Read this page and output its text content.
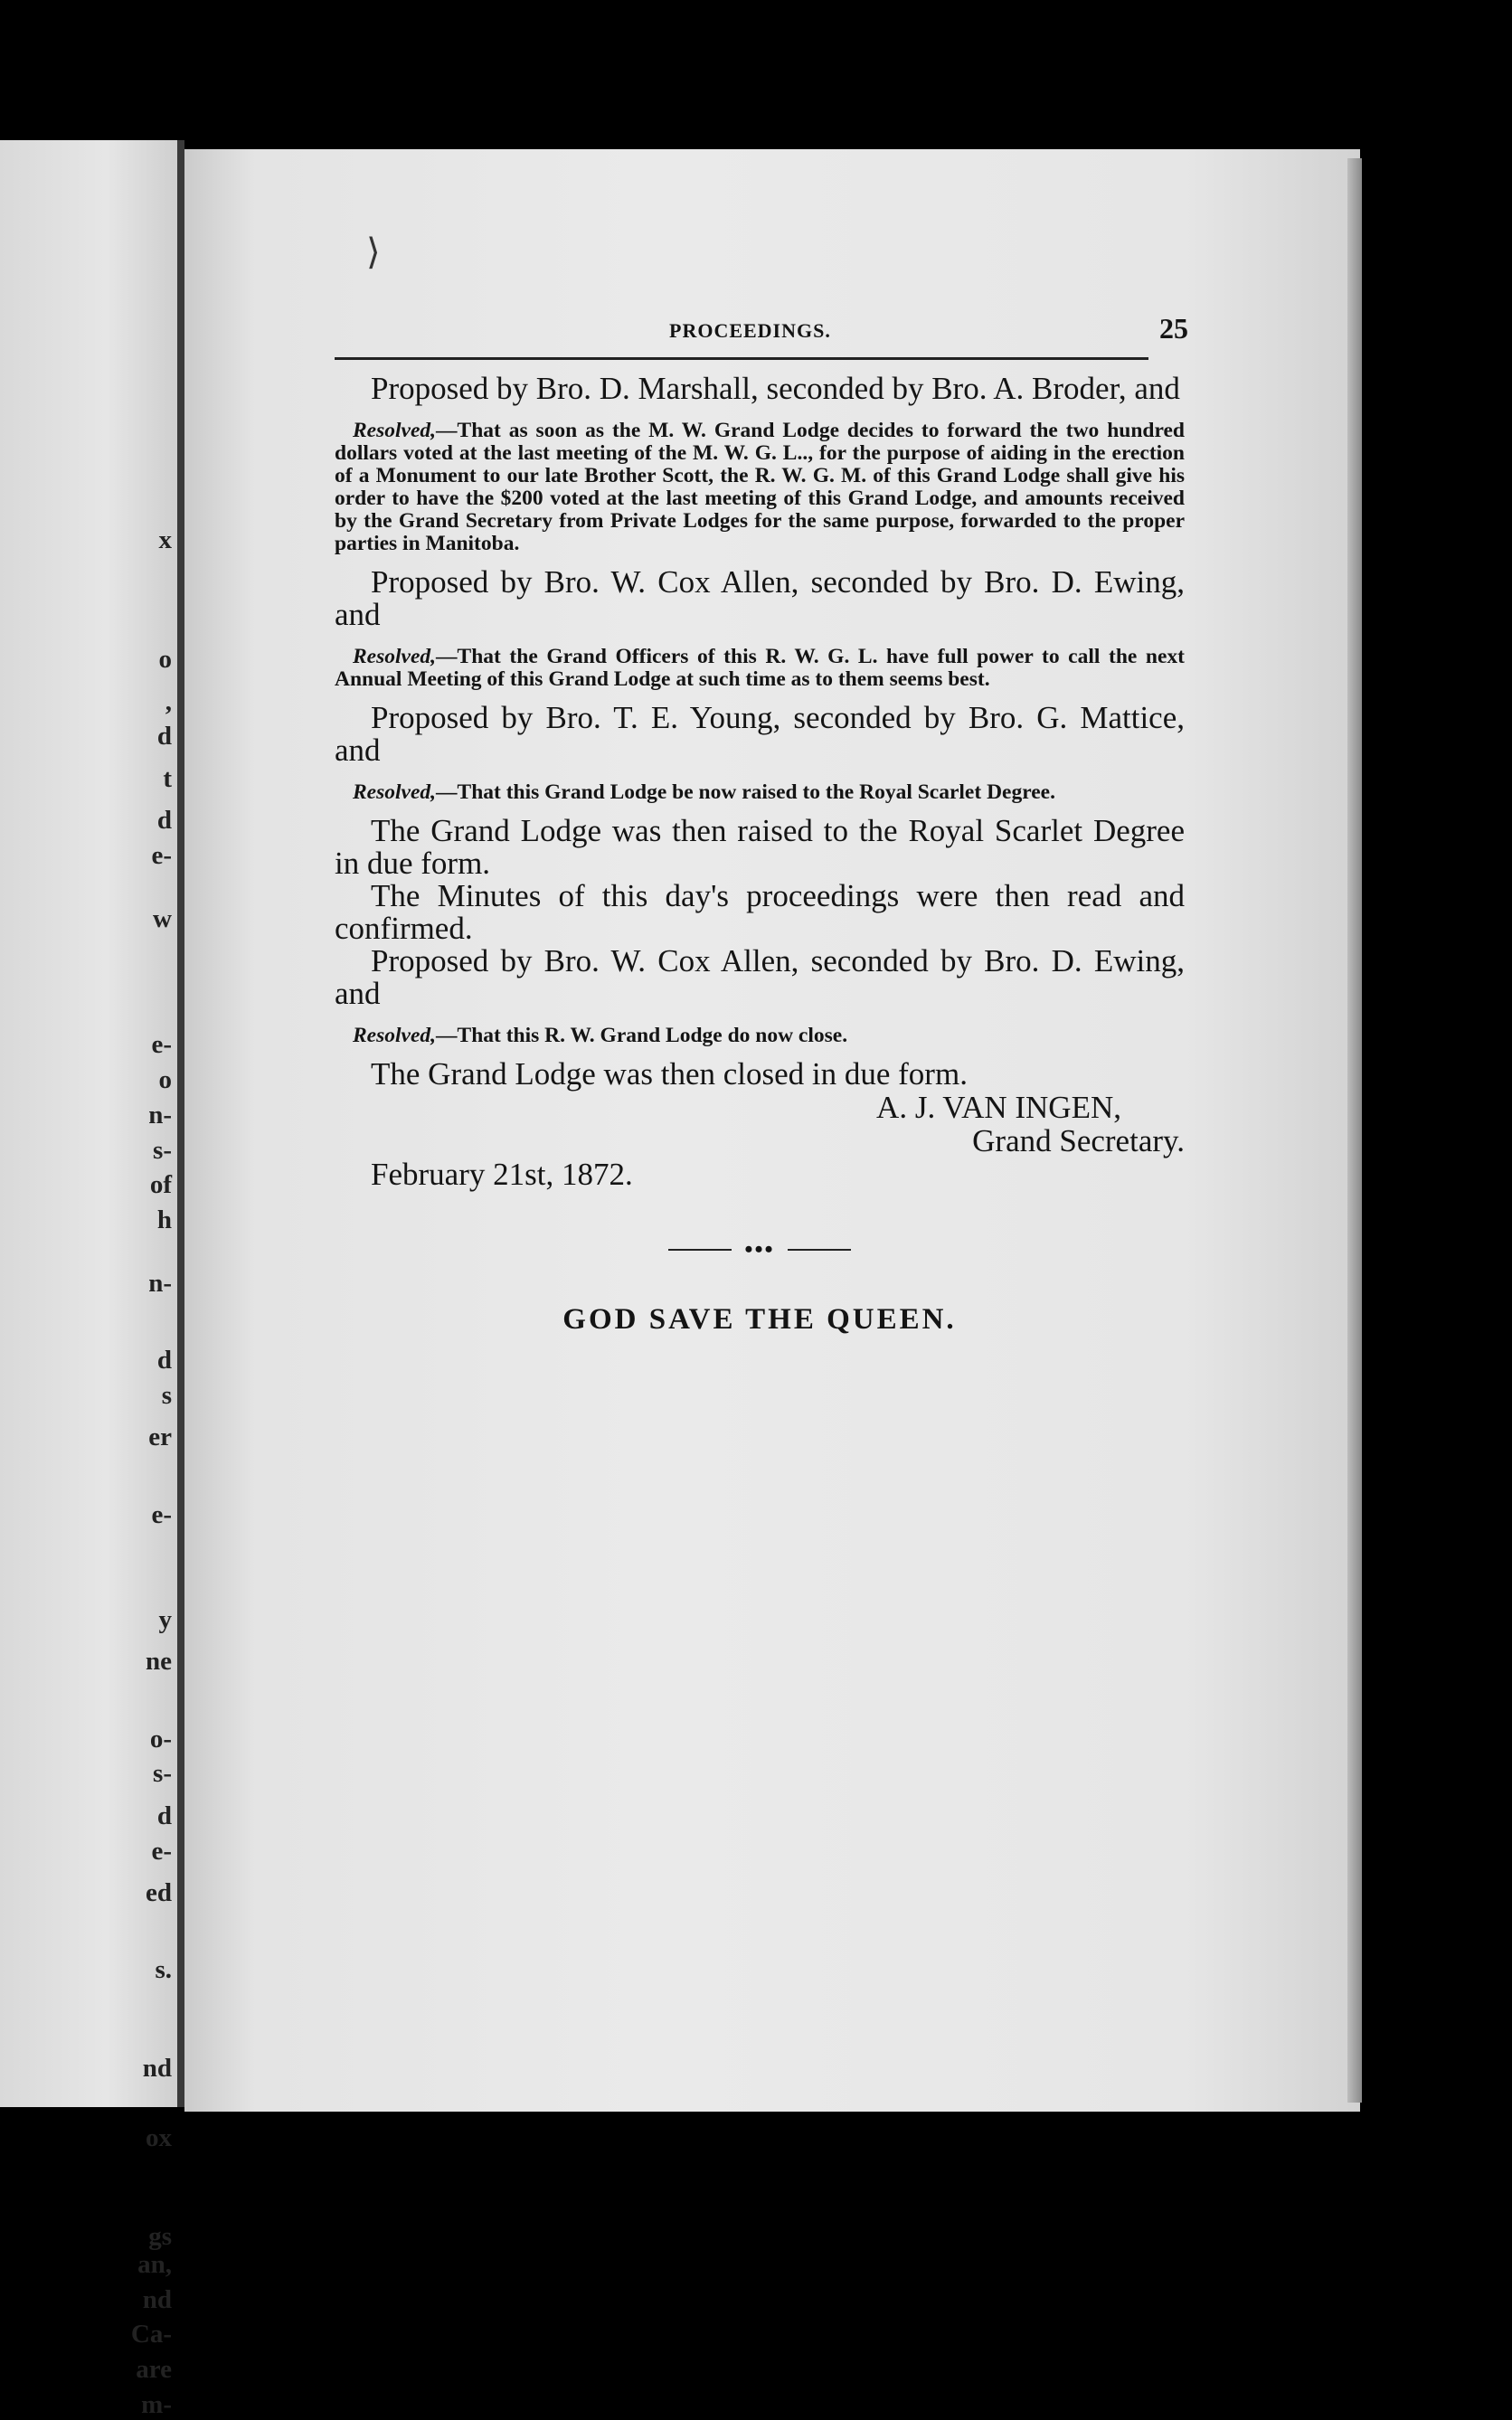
x
o
,
d
t
d
e-
w
e-
o
n-
s-
of
h
n-
d
s
er
e-
y
ne
o-
s-
d
e-
ed
s.
nd
ox
gs
an,
nd
Ca-
are
m-
⟩
PROCEEDINGS.	25

Proposed by Bro. D. Marshall, seconded by Bro. A. Broder, and

Resolved,—That as soon as the M. W. Grand Lodge decides to forward the two hundred dollars voted at the last meeting of the M. W. G. L.., for the purpose of aiding in the erection of a Monument to our late Brother Scott, the R. W. G. M. of this Grand Lodge shall give his order to have the $200 voted at the last meeting of this Grand Lodge, and amounts received by the Grand Secretary from Private Lodges for the same purpose, forwarded to the proper parties in Manitoba.

Proposed by Bro. W. Cox Allen, seconded by Bro. D. Ewing, and

Resolved,—That the Grand Officers of this R. W. G. L. have full power to call the next Annual Meeting of this Grand Lodge at such time as to them seems best.

Proposed by Bro. T. E. Young, seconded by Bro. G. Mattice, and

Resolved,—That this Grand Lodge be now raised to the Royal Scarlet Degree.

The Grand Lodge was then raised to the Royal Scarlet Degree in due form.

The Minutes of this day's proceedings were then read and confirmed.

Proposed by Bro. W. Cox Allen, seconded by Bro. D. Ewing, and

Resolved,—That this R. W. Grand Lodge do now close.

The Grand Lodge was then closed in due form.

A. J. VAN INGEN,

Grand Secretary.

February 21st, 1872.

•••
GOD SAVE THE QUEEN.
